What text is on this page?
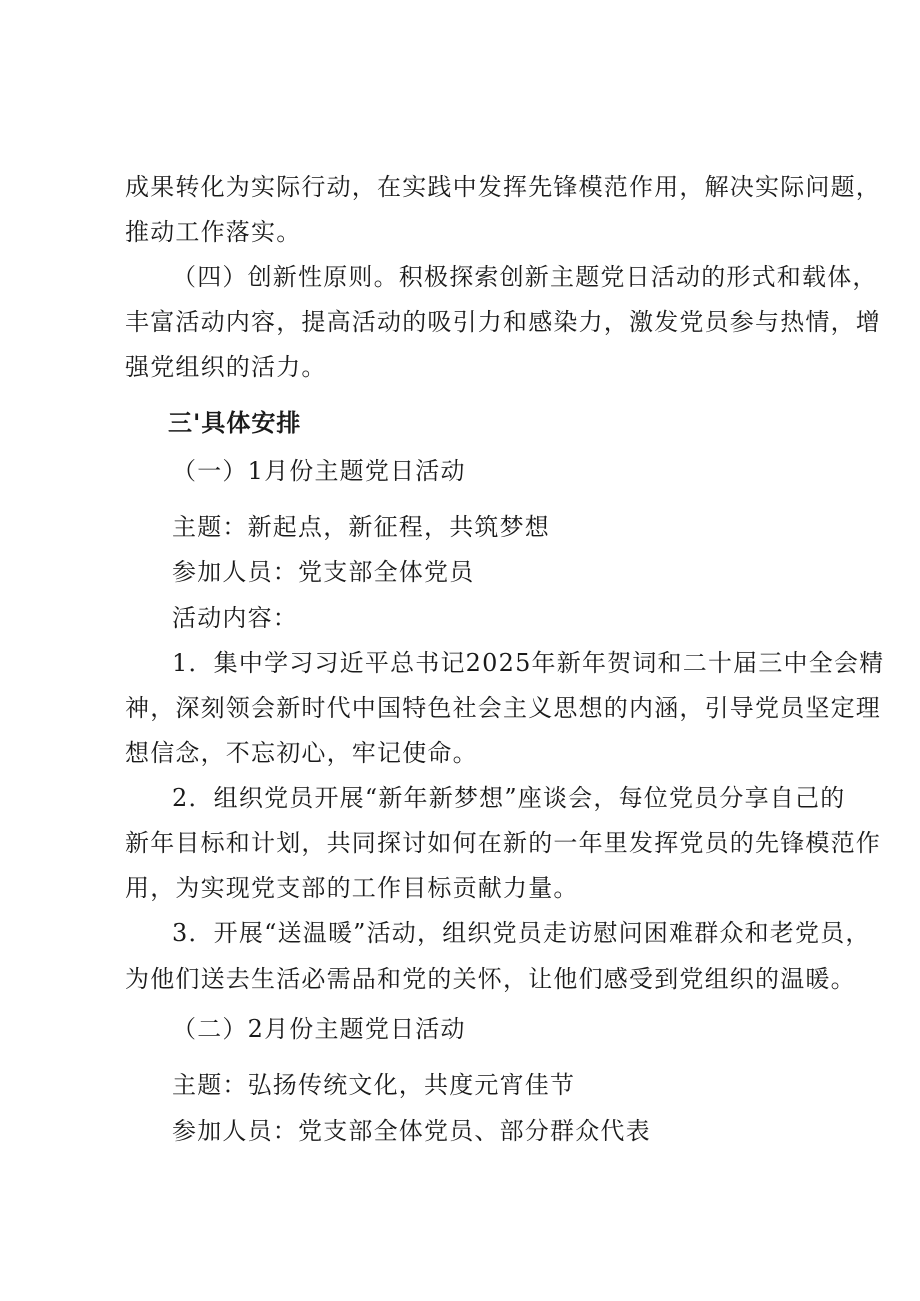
成果转化为实际行动，在实践中发挥先锋模范作用，解决实际问题，
推动工作落实。
（四）创新性原则。积极探索创新主题党日活动的形式和载体，
丰富活动内容，提高活动的吸引力和感染力，激发党员参与热情，增
强党组织的活力。
三'具体安排
（一）1月份主题党日活动
主题：新起点，新征程，共筑梦想
参加人员：党支部全体党员
活动内容：
1．集中学习习近平总书记2025年新年贺词和二十届三中全会精
神，深刻领会新时代中国特色社会主义思想的内涵，引导党员坚定理
想信念，不忘初心，牢记使命。
2．组织党员开展“新年新梦想”座谈会，每位党员分享自己的
新年目标和计划，共同探讨如何在新的一年里发挥党员的先锋模范作
用，为实现党支部的工作目标贡献力量。
3．开展“送温暖”活动，组织党员走访慰问困难群众和老党员，
为他们送去生活必需品和党的关怀，让他们感受到党组织的温暖。
（二）2月份主题党日活动
主题：弘扬传统文化，共度元宵佳节
参加人员：党支部全体党员、部分群众代表
